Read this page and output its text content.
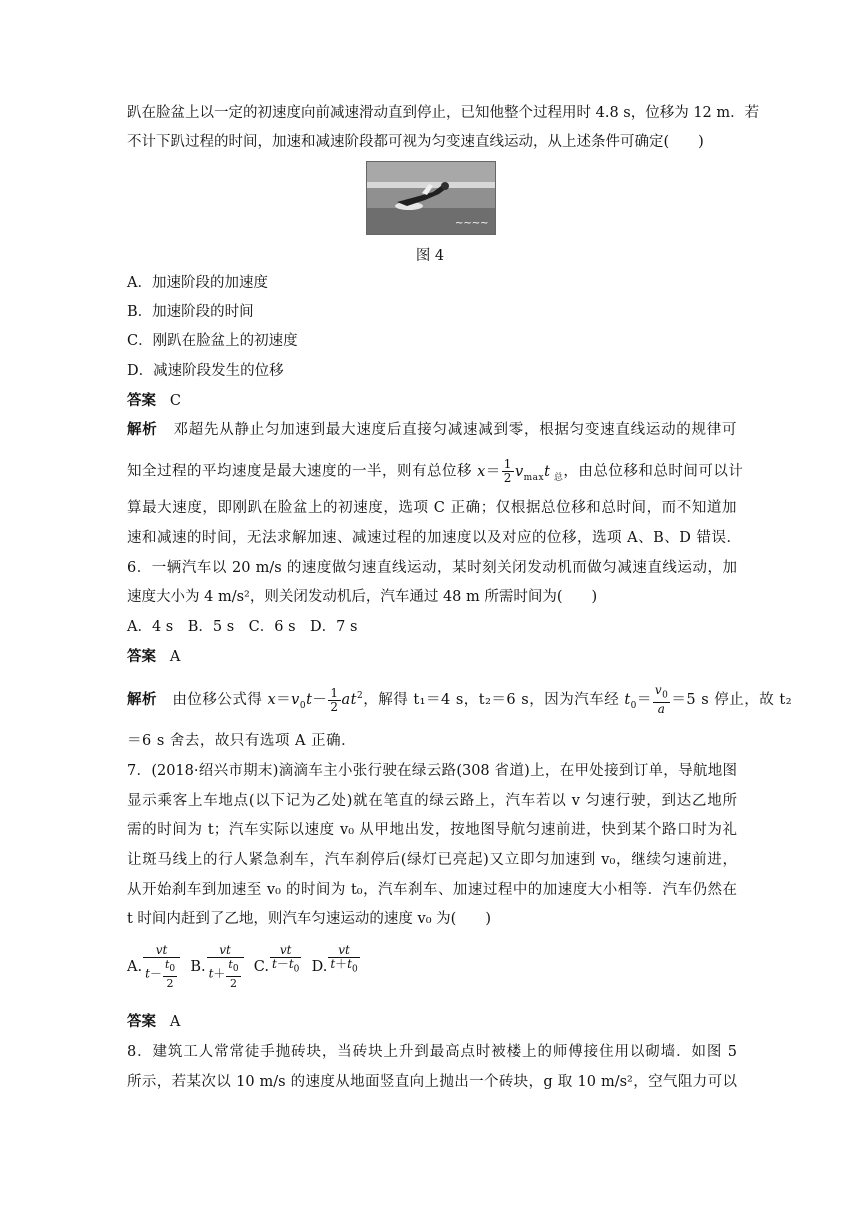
趴在脸盆上以一定的初速度向前减速滑动直到停止，已知他整个过程用时 4.8 s，位移为 12 m．若
不计下趴过程的时间，加速和减速阶段都可视为匀变速直线运动，从上述条件可确定(　　)
~~~~
图 4
A．加速阶段的加速度
B．加速阶段的时间
C．刚趴在脸盆上的初速度
D．减速阶段发生的位移
答案 C
解析 邓超先从静止匀加速到最大速度后直接匀减速减到零，根据匀变速直线运动的规律可
知全过程的平均速度是最大速度的一半，则有总位移 $x= \frac{1}{2} v_{max}t$ $_总$，由总位移和总时间可以计
算最大速度，即刚趴在脸盆上的初速度，选项 C 正确；仅根据总位移和总时间，而不知道加
速和减速的时间，无法求解加速、减速过程的加速度以及对应的位移，选项 A、B、D 错误．
6．一辆汽车以 20 m/s 的速度做匀速直线运动，某时刻关闭发动机而做匀减速直线运动，加
速度大小为 4 m/s²，则关闭发动机后，汽车通过 48 m 所需时间为(　　)
A．4 s　B．5 s　C．6 s　D．7 s
答案 A
解析 由位移公式得 $x=v_0t- \frac{1}{2} at^2$，解得 t₁＝4 s，t₂＝6 s，因为汽车经 $t_0= \frac{v_0}{a} =5$ s 停止，故 t₂
＝6 s 舍去，故只有选项 A 正确．
7．(2018·绍兴市期末)滴滴车主小张行驶在绿云路(308 省道)上，在甲处接到订单，导航地图
显示乘客上车地点(以下记为乙处)就在笔直的绿云路上，汽车若以 v 匀速行驶，到达乙地所
需的时间为 t；汽车实际以速度 v₀ 从甲地出发，按地图导航匀速前进，快到某个路口时为礼
让斑马线上的行人紧急刹车，汽车刹停后(绿灯已亮起)又立即匀加速到 v₀，继续匀速前进，
从开始刹车到加速至 v₀ 的时间为 t₀，汽车刹车、加速过程中的加速度大小相等．汽车仍然在
t 时间内赶到了乙地，则汽车匀速运动的速度 v₀ 为(　　)
A. $\frac{vt}{t- \frac{t_0}{2}} B$. $\frac{vt}{t+ \frac{t_0}{2}} C$. $\frac{vt}{t-t_0} D$. $\frac{vt}{t+t_0}$
答案 A
8．建筑工人常常徒手抛砖块，当砖块上升到最高点时被楼上的师傅接住用以砌墙．如图 5
所示，若某次以 10 m/s 的速度从地面竖直向上抛出一个砖块，g 取 10 m/s²，空气阻力可以
